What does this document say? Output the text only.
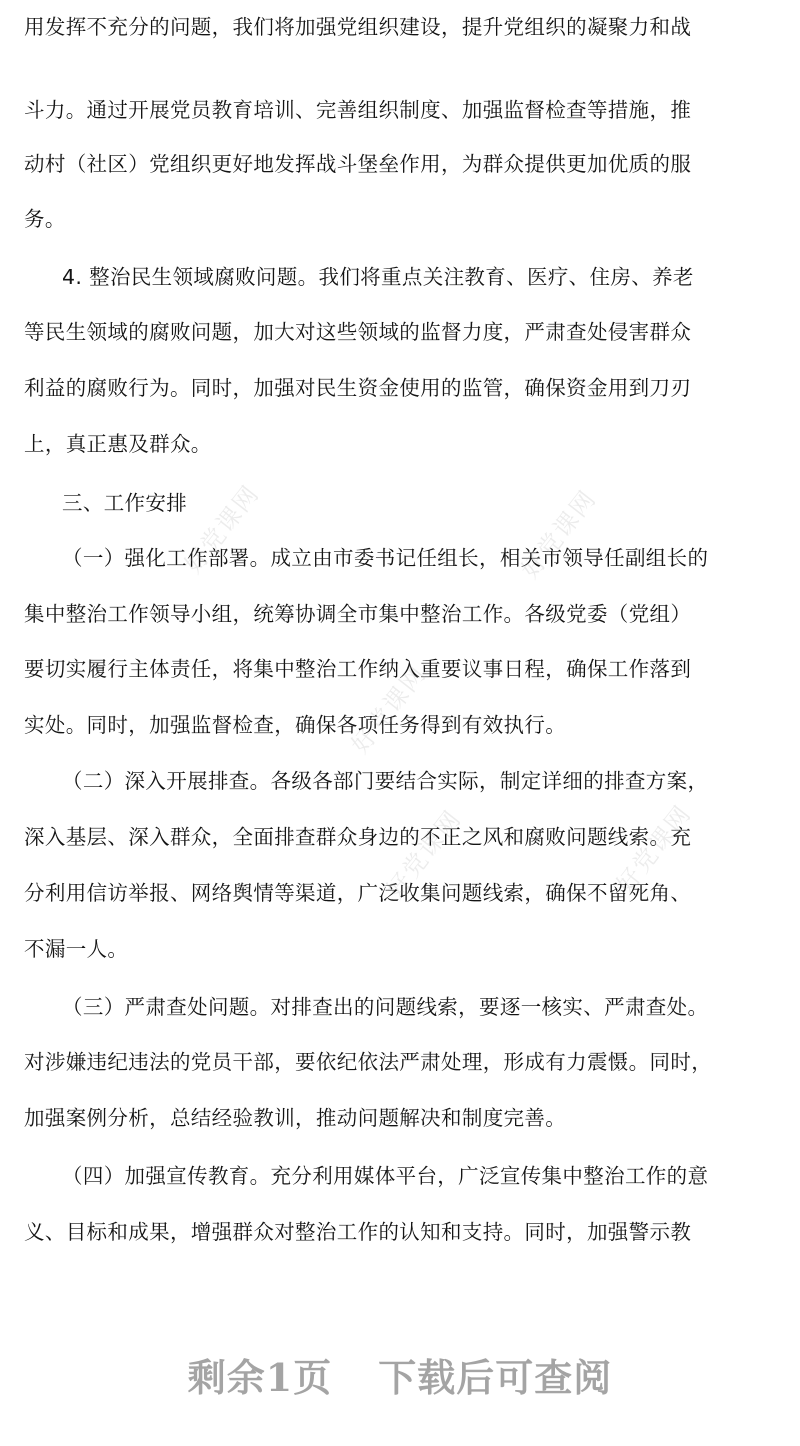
用发挥不充分的问题，我们将加强党组织建设，提升党组织的凝聚力和战
斗力。通过开展党员教育培训、完善组织制度、加强监督检查等措施，推
动村（社区）党组织更好地发挥战斗堡垒作用，为群众提供更加优质的服
务。
4. 整治民生领域腐败问题。我们将重点关注教育、医疗、住房、养老
等民生领域的腐败问题，加大对这些领域的监督力度，严肃查处侵害群众
利益的腐败行为。同时，加强对民生资金使用的监管，确保资金用到刀刃
上，真正惠及群众。
三、工作安排
（一）强化工作部署。成立由市委书记任组长，相关市领导任副组长的
集中整治工作领导小组，统筹协调全市集中整治工作。各级党委（党组）
要切实履行主体责任，将集中整治工作纳入重要议事日程，确保工作落到
实处。同时，加强监督检查，确保各项任务得到有效执行。
（二）深入开展排查。各级各部门要结合实际，制定详细的排查方案，
深入基层、深入群众，全面排查群众身边的不正之风和腐败问题线索。充
分利用信访举报、网络舆情等渠道，广泛收集问题线索，确保不留死角、
不漏一人。
（三）严肃查处问题。对排查出的问题线索，要逐一核实、严肃查处。
对涉嫌违纪违法的党员干部，要依纪依法严肃处理，形成有力震慑。同时，
加强案例分析，总结经验教训，推动问题解决和制度完善。
（四）加强宣传教育。充分利用媒体平台，广泛宣传集中整治工作的意
义、目标和成果，增强群众对整治工作的认知和支持。同时，加强警示教
好党课网	好党课网
好党课网
好党课网	好党课网
剩余1页 下载后可查阅
